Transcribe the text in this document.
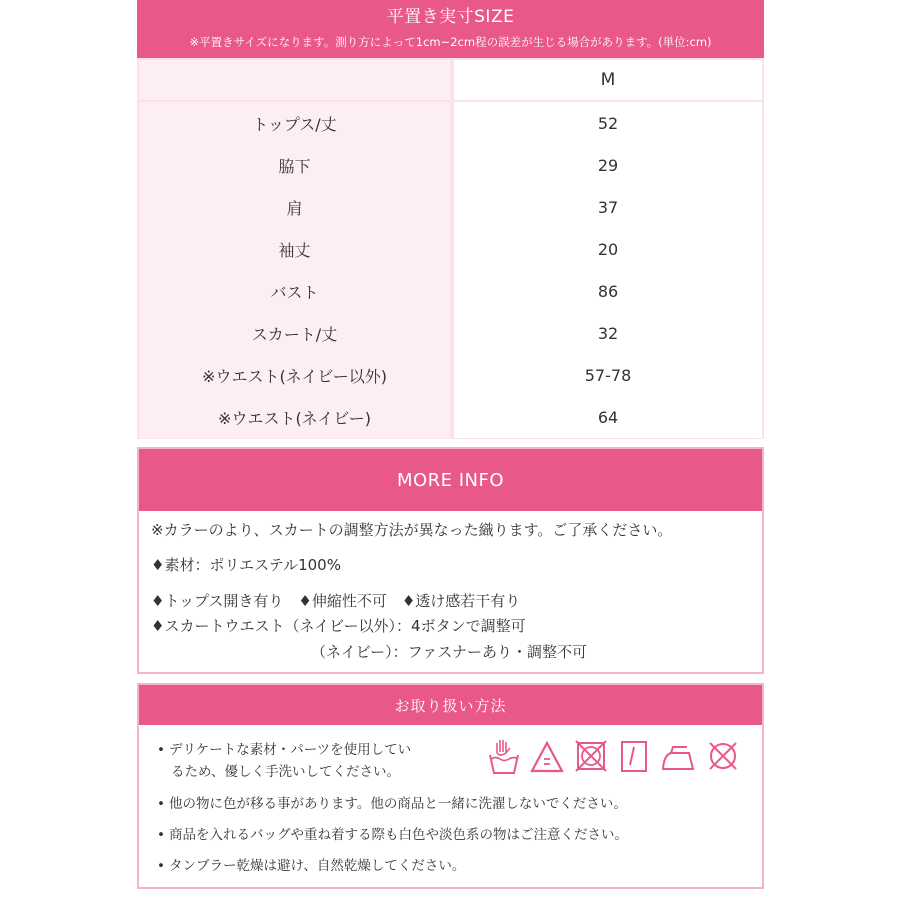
平置き実寸SIZE
※平置きサイズになります。測り方によって1cm~2cm程の誤差が生じる場合があります。(単位:cm)
M
トップス/丈	52
脇下	29
肩	37
袖丈	20
バスト	86
スカート/丈	32
※ウエスト(ネイビー以外)	57-78
※ウエスト(ネイビー)	64
MORE INFO
※カラーのより、スカートの調整方法が異なった織ります。ご了承ください。
♦素材：ポリエステル100%
♦トップス開き有り　♦伸縮性不可　♦透け感若干有り
♦スカートウエスト（ネイビー以外）：4ボタンで調整可
（ネイビー）：ファスナーあり・調整不可
お取り扱い方法
• デリケートな素材・パーツを使用してい
るため、優しく手洗いしてください。
• 他の物に色が移る事があります。他の商品と一緒に洗濯しないでください。
• 商品を入れるバッグや重ね着する際も白色や淡色系の物はご注意ください。
• タンブラー乾燥は避け、自然乾燥してください。
